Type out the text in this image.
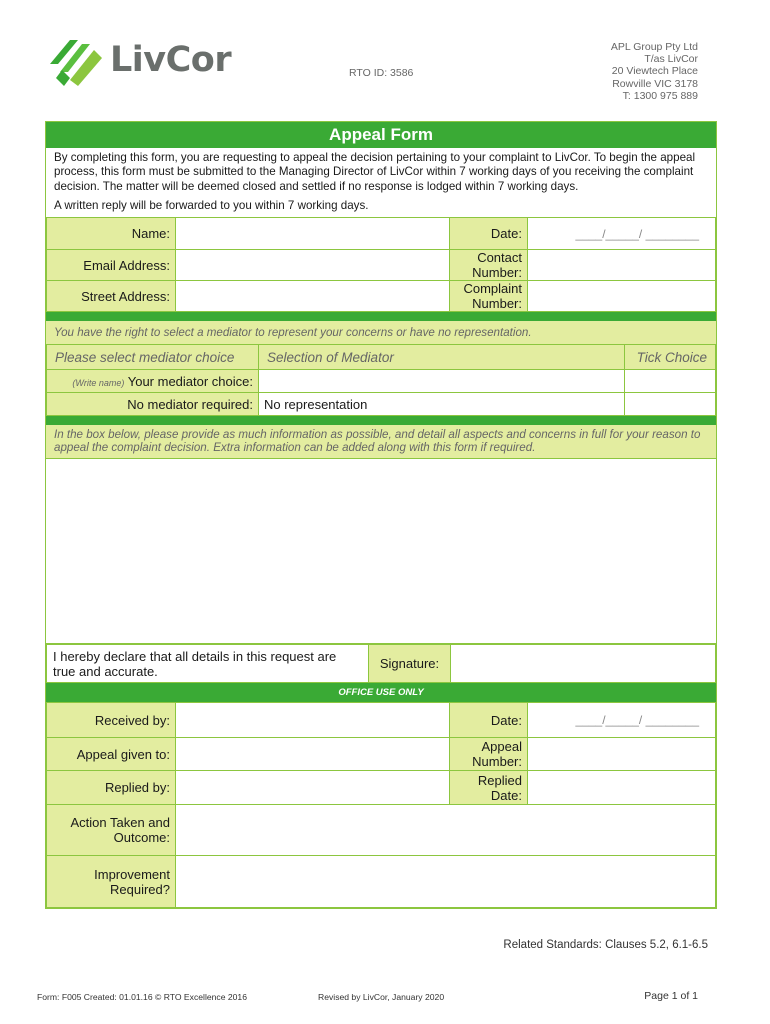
LivCor	RTO ID: 3586
APL Group Pty Ltd
T/as LivCor
20 Viewtech Place
Rowville VIC 3178
T: 1300 975 889
Appeal Form

By completing this form, you are requesting to appeal the decision pertaining to your complaint to LivCor. To begin the appeal process, this form must be submitted to the Managing Director of LivCor within 7 working days of you receiving the complaint decision. The matter will be deemed closed and settled if no response is lodged within 7 working days.

A written reply will be forwarded to you within 7 working days.

Name:		Date:	____/_____/ ________
Email Address:		Contact Number:	
Street Address:		Complaint Number:	
You have the right to select a mediator to represent your concerns or have no representation.
Please select mediator choice	Selection of Mediator	Tick Choice
(Write name) Your mediator choice:		
No mediator required:	No representation	
In the box below, please provide as much information as possible, and detail all aspects and concerns in full for your reason to appeal the complaint decision. Extra information can be added along with this form if required.
I hereby declare that all details in this request are true and accurate.	Signature:	
OFFICE USE ONLY
Received by:		Date:	____/_____/ ________
Appeal given to:		Appeal Number:	
Replied by:		Replied Date:	
Action Taken and Outcome:			
Improvement Required?			
Related Standards: Clauses 5.2, 6.1-6.5
Form: F005 Created: 01.01.16 © RTO Excellence 2016	Revised by LivCor, January 2020	Page 1 of 1
